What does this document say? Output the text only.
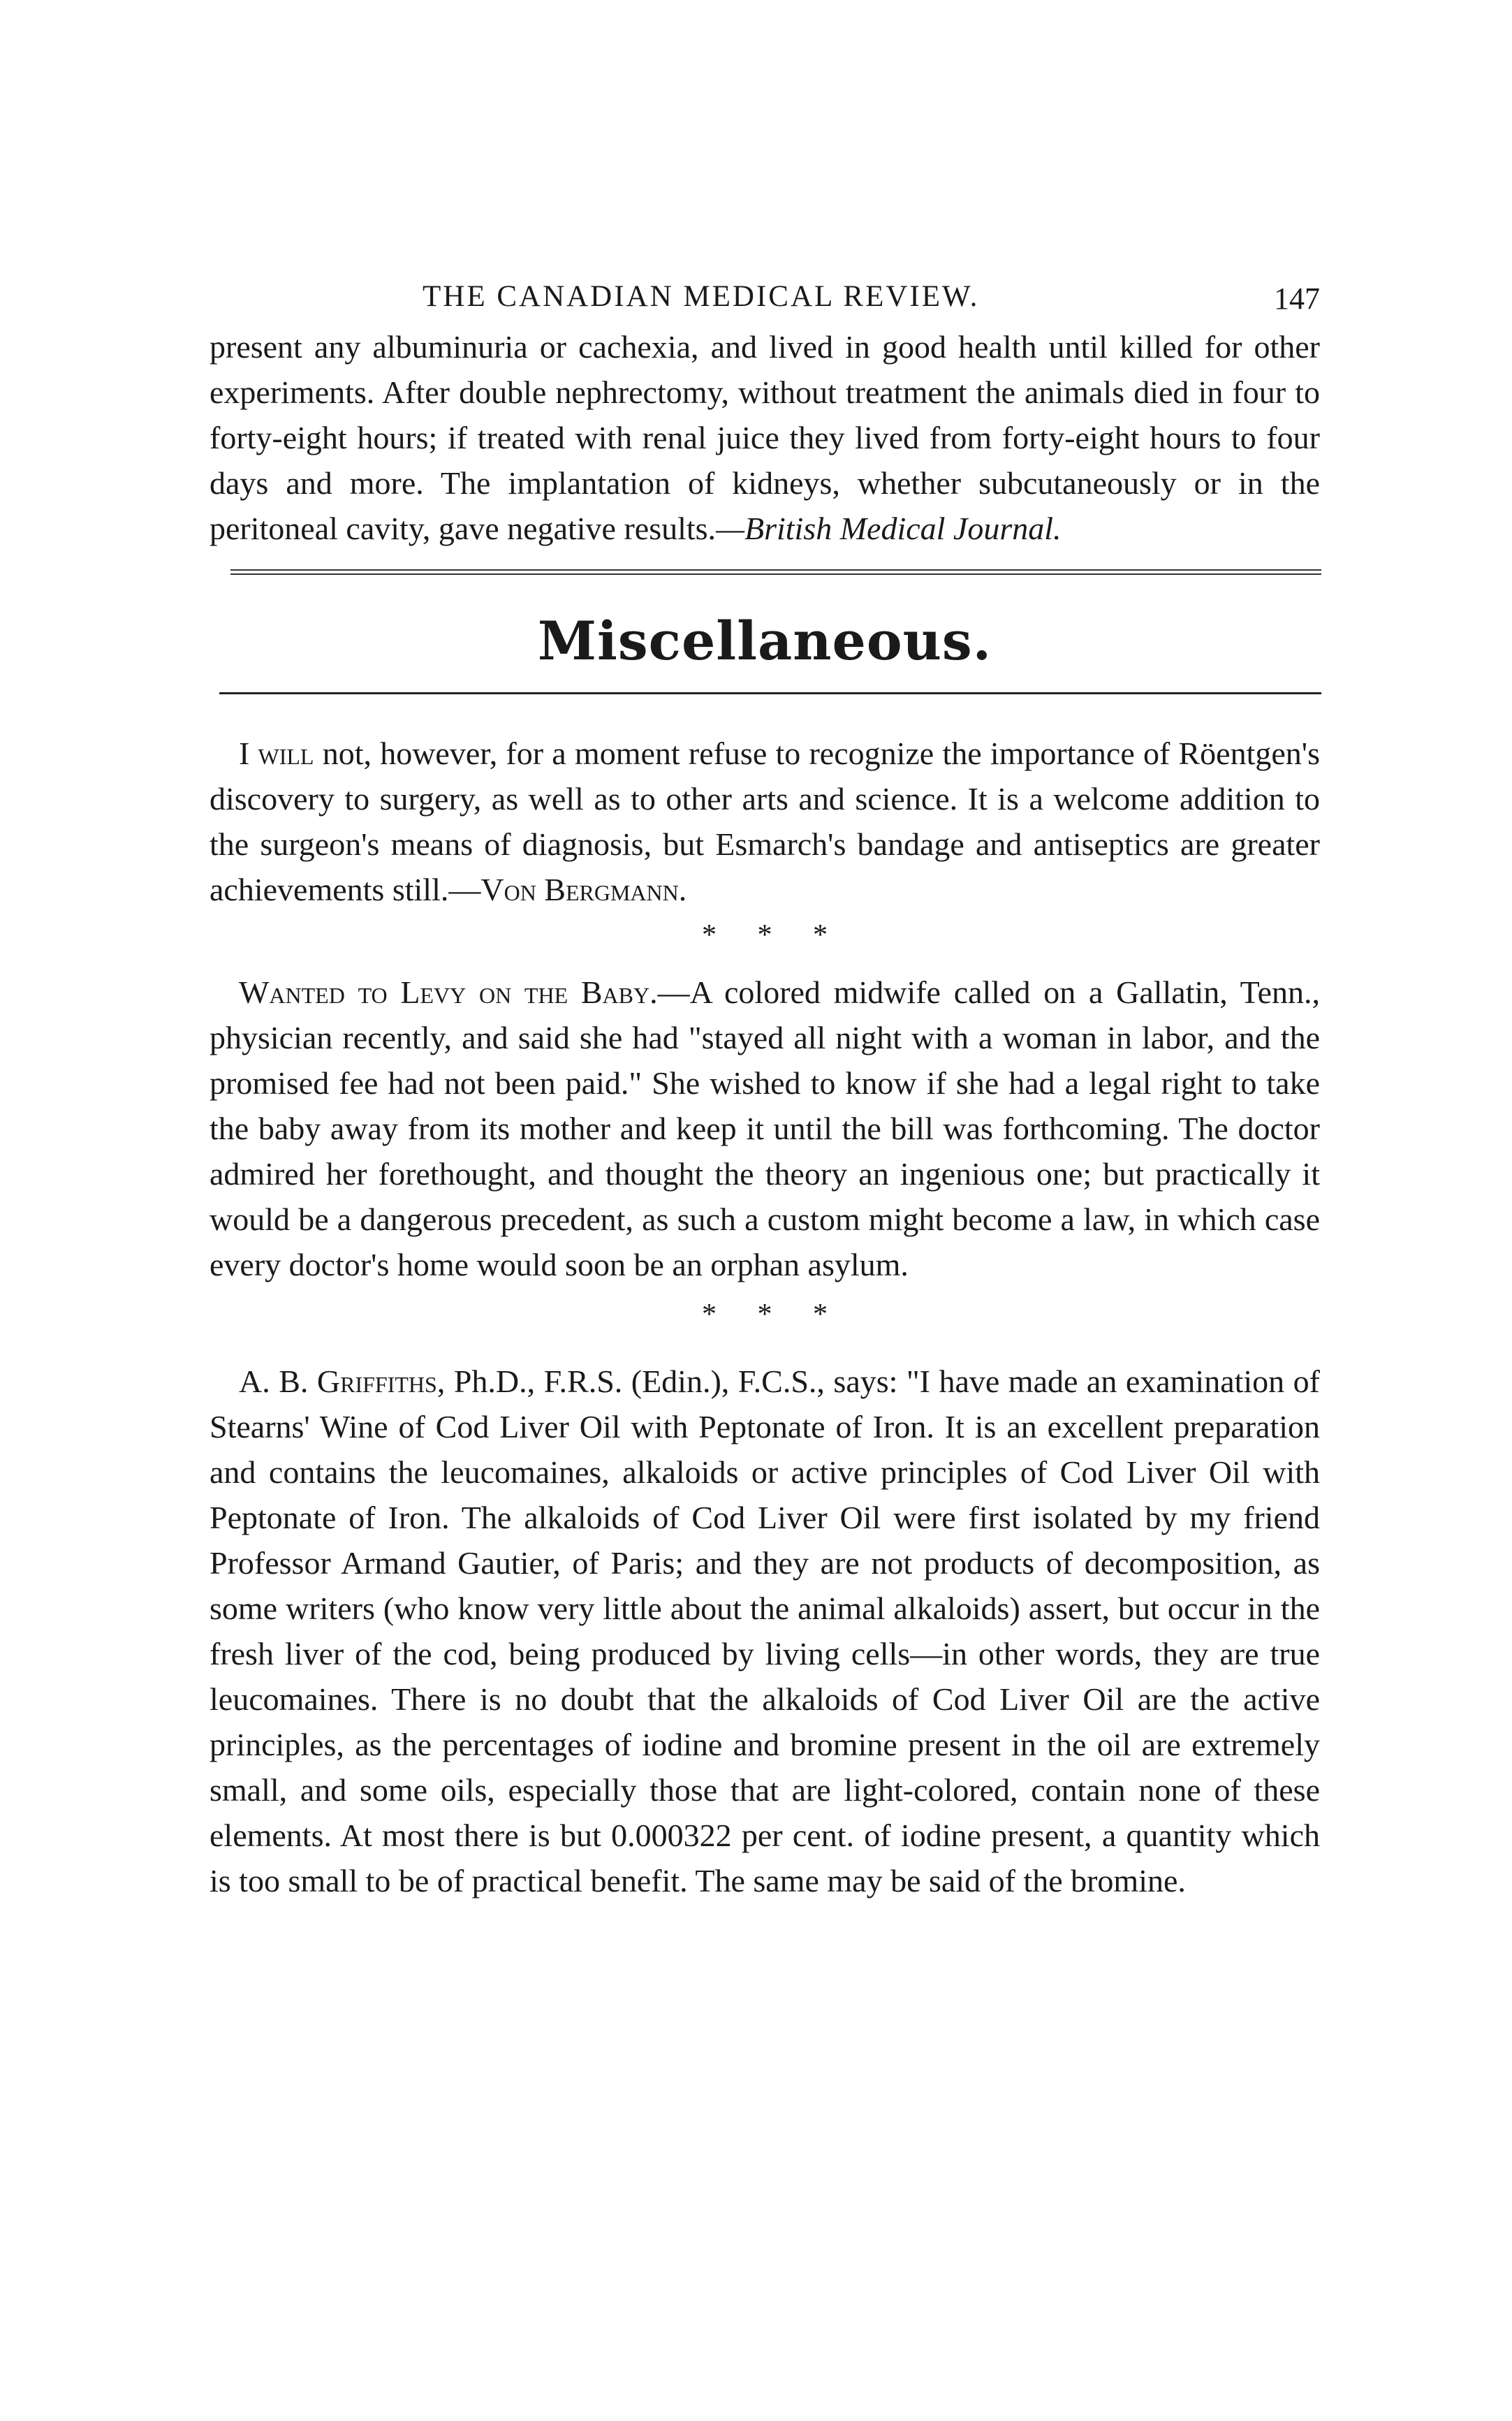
THE CANADIAN MEDICAL REVIEW.	147

present any albuminuria or cachexia, and lived in good health until killed for other experiments. After double nephrectomy, without treatment the animals died in four to forty-eight hours; if treated with renal juice they lived from forty-eight hours to four days and more. The implantation of kidneys, whether subcutaneously or in the peritoneal cavity, gave negative results.—British Medical Journal.

Miscellaneous.

I will not, however, for a moment refuse to recognize the importance of Röentgen's discovery to surgery, as well as to other arts and science. It is a welcome addition to the surgeon's means of diagnosis, but Esmarch's bandage and antiseptics are greater achievements still.—Von Bergmann.

* * *

Wanted to Levy on the Baby.—A colored midwife called on a Gallatin, Tenn., physician recently, and said she had "stayed all night with a woman in labor, and the promised fee had not been paid." She wished to know if she had a legal right to take the baby away from its mother and keep it until the bill was forthcoming. The doctor admired her forethought, and thought the theory an ingenious one; but practically it would be a dangerous precedent, as such a custom might become a law, in which case every doctor's home would soon be an orphan asylum.

* * *

A. B. Griffiths, Ph.D., F.R.S. (Edin.), F.C.S., says: "I have made an examination of Stearns' Wine of Cod Liver Oil with Peptonate of Iron. It is an excellent preparation and contains the leucomaines, alkaloids or active principles of Cod Liver Oil with Peptonate of Iron. The alkaloids of Cod Liver Oil were first isolated by my friend Professor Armand Gautier, of Paris; and they are not products of decomposition, as some writers (who know very little about the animal alkaloids) assert, but occur in the fresh liver of the cod, being produced by living cells—in other words, they are true leucomaines. There is no doubt that the alkaloids of Cod Liver Oil are the active principles, as the percentages of iodine and bromine present in the oil are extremely small, and some oils, especially those that are light-colored, contain none of these elements. At most there is but 0.000322 per cent. of iodine present, a quantity which is too small to be of practical benefit. The same may be said of the bromine.
